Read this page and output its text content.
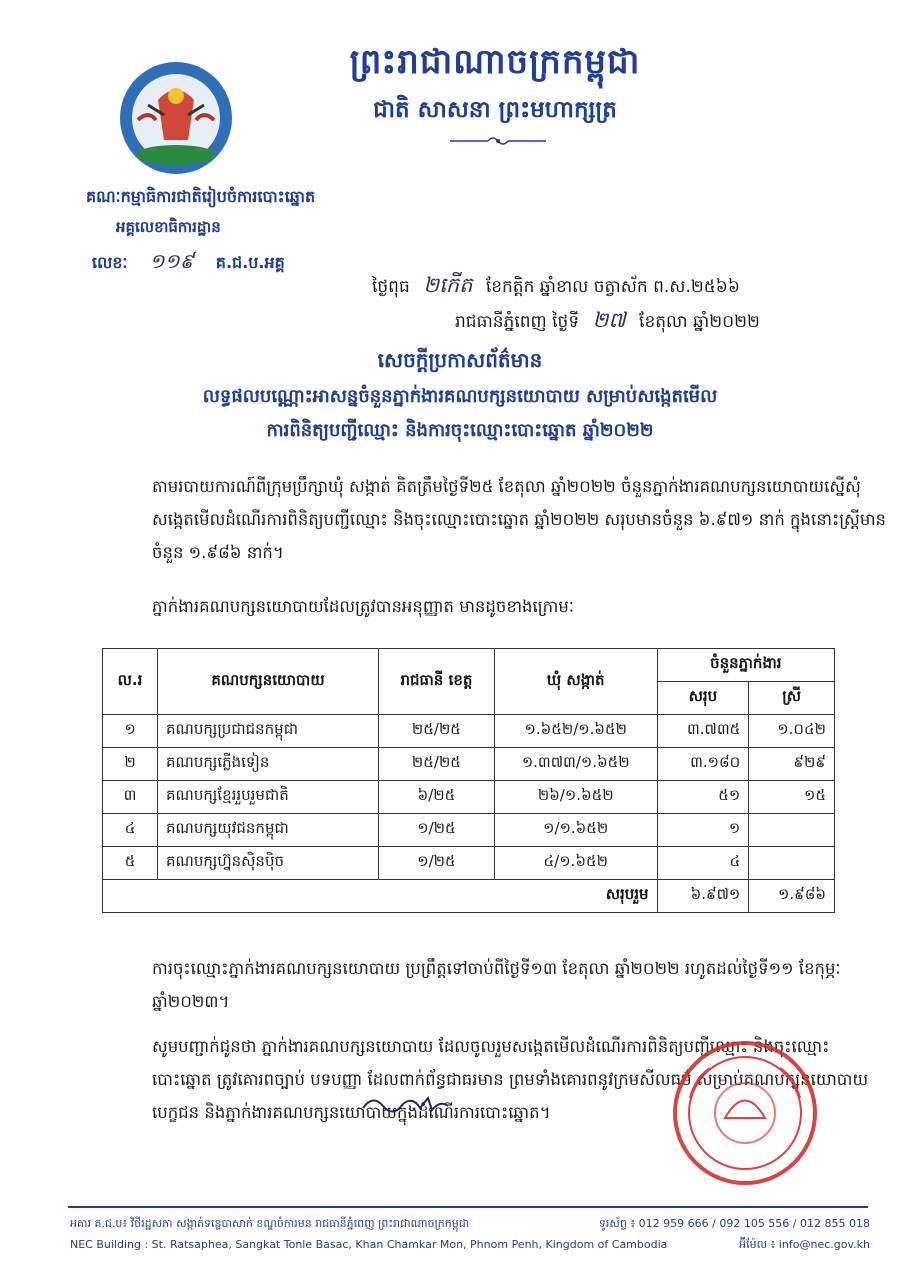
ព្រះរាជាណាចក្រកម្ពុជា
ជាតិ សាសនា ព្រះមហាក្សត្រ
គណៈកម្មាធិការជាតិរៀបចំការបោះឆ្នោត
អគ្គលេខាធិការដ្ឋាន
លេខៈ ១១៩ គ.ជ.ប.អគ្គ
ថ្ងៃពុធ ២កើត ខែកត្តិក ឆ្នាំខាល ចត្វាស័ក ព.ស.២៥៦៦
រាជធានីភ្នំពេញ ថ្ងៃទី ២៧ ខែតុលា ឆ្នាំ២០២២
សេចក្តីប្រកាសព័ត៌មាន
លទ្ធផលបណ្ណោះអាសន្នចំនួនភ្នាក់ងារគណបក្សនយោបាយ សម្រាប់សង្កេតមើល
ការពិនិត្យបញ្ជីឈ្មោះ និងការចុះឈ្មោះបោះឆ្នោត ឆ្នាំ២០២២
តាមរបាយការណ៍ពីក្រុមប្រឹក្សាឃុំ សង្កាត់ គិតត្រឹមថ្ងៃទី២៥ ខែតុលា ឆ្នាំ២០២២ ចំនួនភ្នាក់ងារគណបក្សនយោបាយស្នើសុំសង្កេតមើលដំណើរការពិនិត្យបញ្ជីឈ្មោះ និងចុះឈ្មោះបោះឆ្នោត ឆ្នាំ២០២២ សរុបមានចំនួន ៦.៩៧១ នាក់ ក្នុងនោះស្ត្រីមានចំនួន ១.៩៨៦ នាក់។
ភ្នាក់ងារគណបក្សនយោបាយដែលត្រូវបានអនុញ្ញាត មានដូចខាងក្រោមៈ
ល.រ	គណបក្សនយោបាយ	រាជធានី ខេត្ត	ឃុំ សង្កាត់	ចំនួនភ្នាក់ងារ	
				សរុប	ស្រី
១	គណបក្សប្រជាជនកម្ពុជា	២៥/២៥	១.៦៥២/១.៦៥២	៣.៧៣៥	១.០៤២
២	គណបក្សភ្លើងទៀន	២៥/២៥	១.៣៧៣/១.៦៥២	៣.១៨០	៩២៩
៣	គណបក្សខ្មែររួបរួមជាតិ	៦/២៥	២៦/១.៦៥២	៥១	១៥
៤	គណបក្សយុវជនកម្ពុជា	១/២៥	១/១.៦៥២	១	
៥	គណបក្សហ្វ៊ុនស៊ិនប៉ិច	១/២៥	៤/១.៦៥២	៤	
សរុបរួម				៦.៩៧១	១.៩៨៦
ការចុះឈ្មោះភ្នាក់ងារគណបក្សនយោបាយ ប្រព្រឹត្តទៅចាប់ពីថ្ងៃទី១៣ ខែតុលា ឆ្នាំ២០២២ រហូតដល់ថ្ងៃទី១១ ខែកុម្ភៈ ឆ្នាំ២០២៣។
សូមបញ្ជាក់ជូនថា ភ្នាក់ងារគណបក្សនយោបាយ ដែលចូលរួមសង្កេតមើលដំណើរការពិនិត្យបញ្ជីឈ្មោះ និងចុះឈ្មោះបោះឆ្នោត ត្រូវគោរពច្បាប់ បទបញ្ញា ដែលពាក់ព័ន្ធជាធរមាន ព្រមទាំងគោរពនូវក្រមសីលធម៌ សម្រាប់គណបក្សនយោបាយ បេក្ខជន និងភ្នាក់ងារគណបក្សនយោបាយក្នុងដំណើរការបោះឆ្នោត។
អគារ គ.ជ.ប៖ វិថីរដ្ឋសភា សង្កាត់ទន្លេបាសាក់ ខណ្ឌចំការមន រាជធានីភ្នំពេញ ព្រះរាជាណាចក្រកម្ពុជា	ទូរស័ព្ទ ៖ 012 959 666 / 092 105 556 / 012 855 018
NEC Building : St. Ratsaphea, Sangkat Tonle Basac, Khan Chamkar Mon, Phnom Penh, Kingdom of Cambodia	អ៊ីម៉ែល ៖ info@nec.gov.kh
